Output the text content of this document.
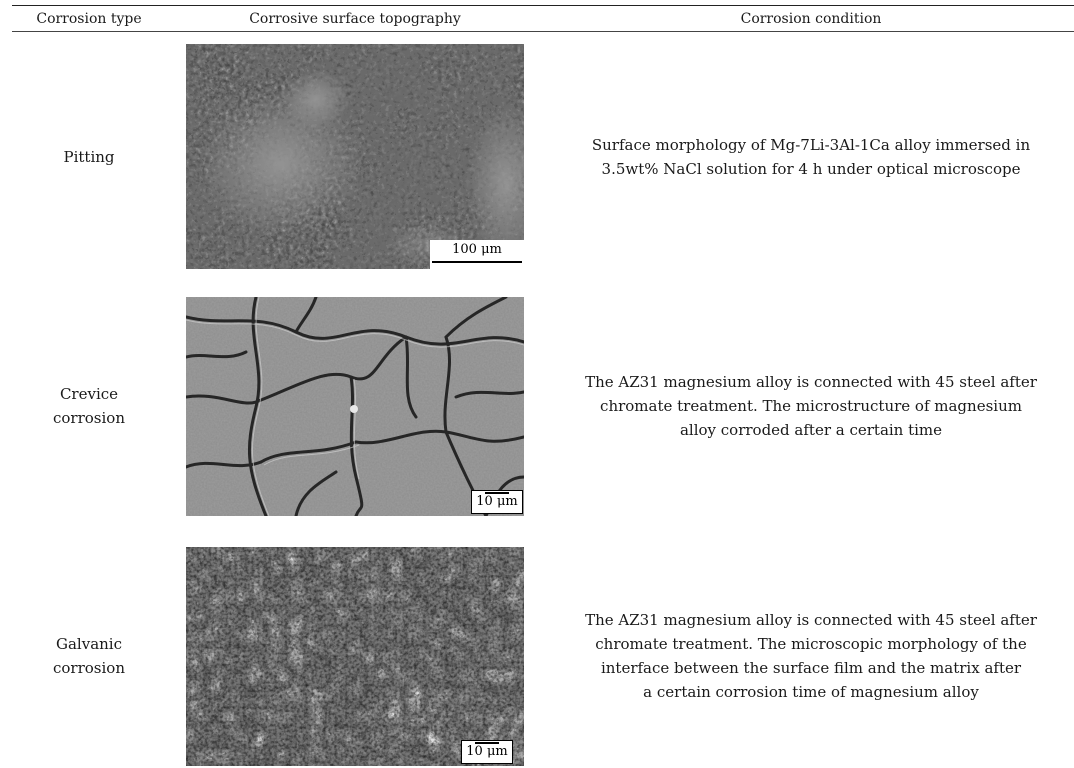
Corrosion type	Corrosive surface topography	Corrosion condition
Pitting
100 μm
Surface morphology of Mg-7Li-3Al-1Ca alloy immersed in
3.5wt% NaCl solution for 4 h under optical microscope
Crevice
corrosion
10 μm
The AZ31 magnesium alloy is connected with 45 steel after
chromate treatment. The microstructure of magnesium
alloy corroded after a certain time
Galvanic
corrosion
10 μm
The AZ31 magnesium alloy is connected with 45 steel after
chromate treatment. The microscopic morphology of the
interface between the surface film and the matrix after
a certain corrosion time of magnesium alloy
